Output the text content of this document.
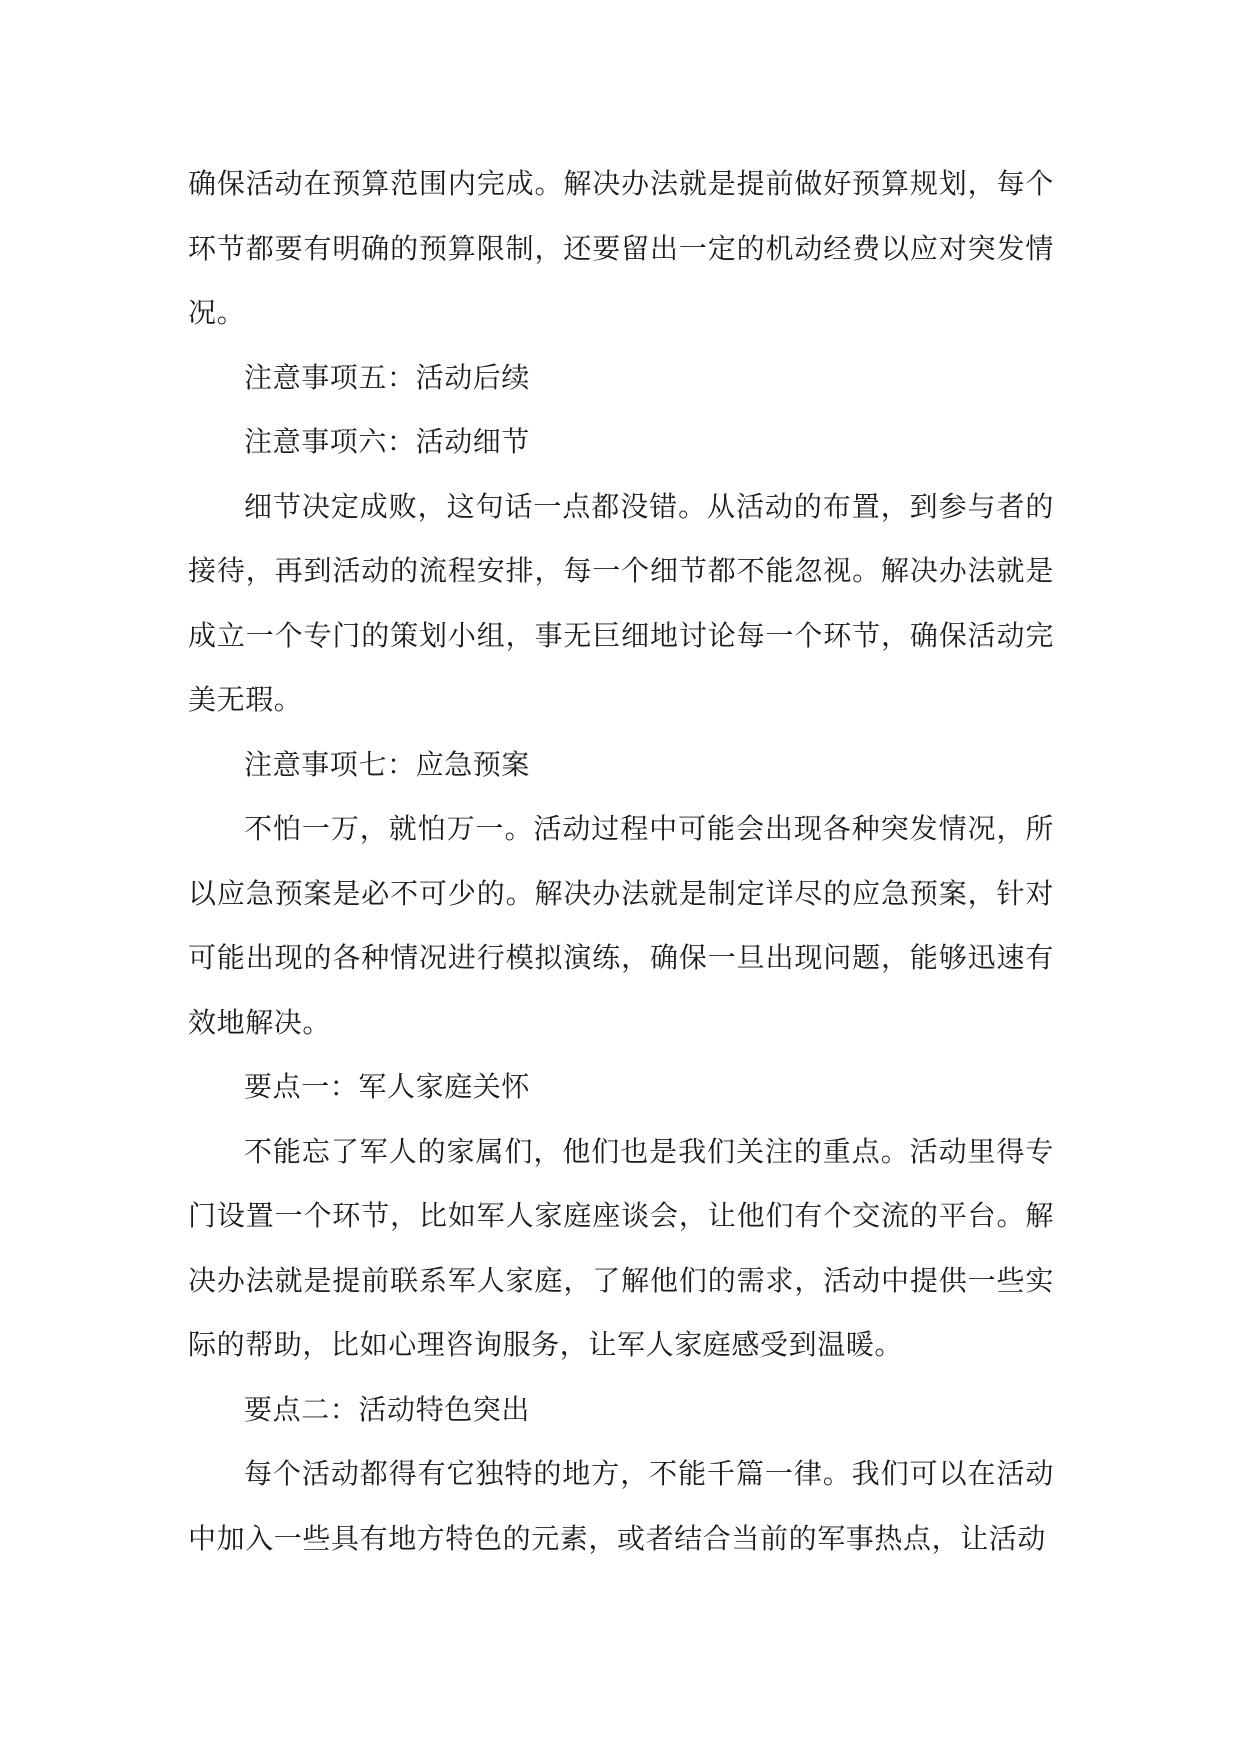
确保活动在预算范围内完成。解决办法就是提前做好预算规划，每个环节都要有明确的预算限制，还要留出一定的机动经费以应对突发情况。

注意事项五：活动后续

注意事项六：活动细节

细节决定成败，这句话一点都没错。从活动的布置，到参与者的接待，再到活动的流程安排，每一个细节都不能忽视。解决办法就是成立一个专门的策划小组，事无巨细地讨论每一个环节，确保活动完美无瑕。

注意事项七：应急预案

不怕一万，就怕万一。活动过程中可能会出现各种突发情况，所以应急预案是必不可少的。解决办法就是制定详尽的应急预案，针对可能出现的各种情况进行模拟演练，确保一旦出现问题，能够迅速有效地解决。

要点一：军人家庭关怀

不能忘了军人的家属们，他们也是我们关注的重点。活动里得专门设置一个环节，比如军人家庭座谈会，让他们有个交流的平台。解决办法就是提前联系军人家庭，了解他们的需求，活动中提供一些实际的帮助，比如心理咨询服务，让军人家庭感受到温暖。

要点二：活动特色突出

每个活动都得有它独特的地方，不能千篇一律。我们可以在活动中加入一些具有地方特色的元素，或者结合当前的军事热点，让活动
